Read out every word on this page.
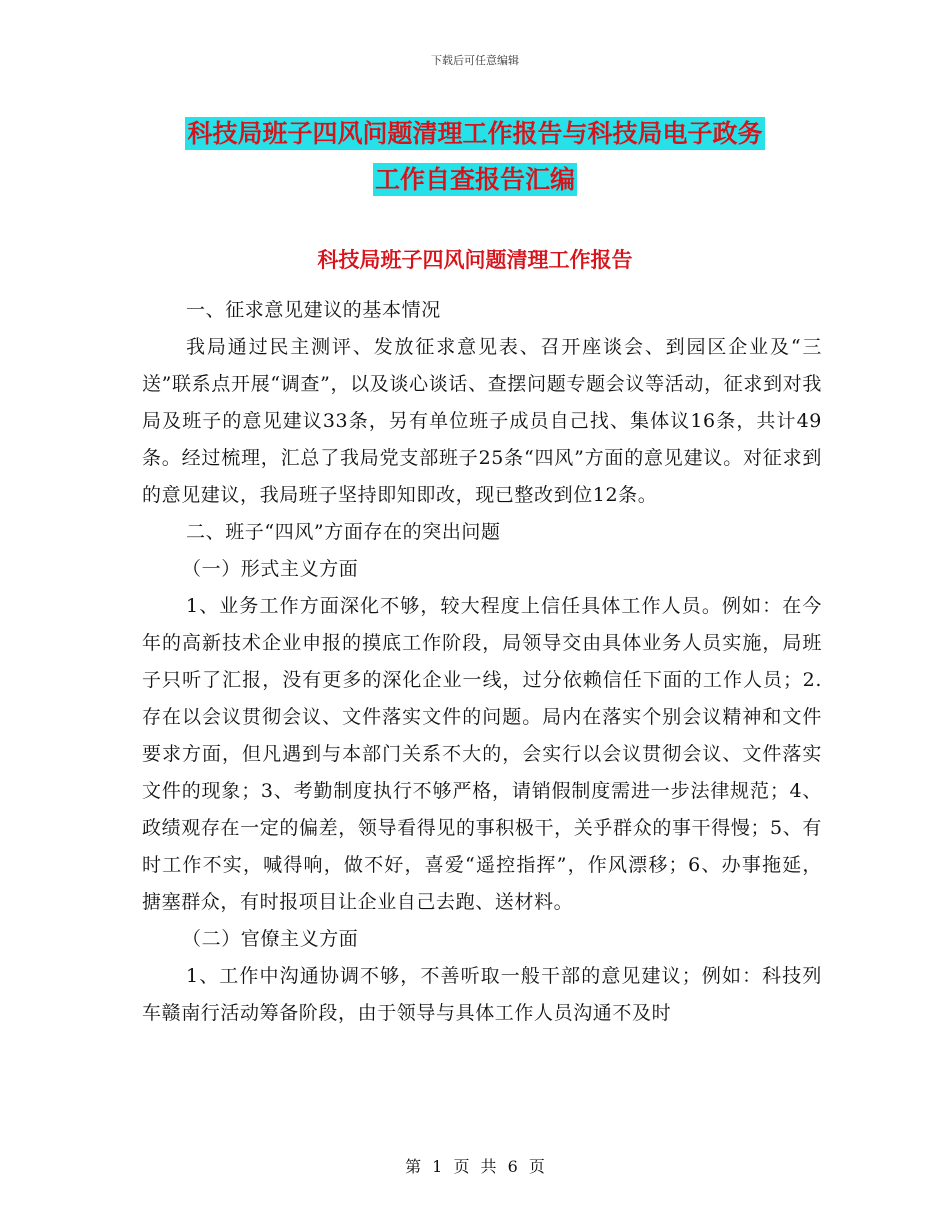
下载后可任意编辑
科技局班子四风问题清理工作报告与科技局电子政务
工作自查报告汇编
科技局班子四风问题清理工作报告

一、征求意见建议的基本情况

我局通过民主测评、发放征求意见表、召开座谈会、到园区企业及“三送”联系点开展“调查”，以及谈心谈话、查摆问题专题会议等活动，征求到对我局及班子的意见建议33条，另有单位班子成员自己找、集体议16条，共计49条。经过梳理，汇总了我局党支部班子25条“四风”方面的意见建议。对征求到的意见建议，我局班子坚持即知即改，现已整改到位12条。

二、班子“四风”方面存在的突出问题

（一）形式主义方面

1、业务工作方面深化不够，较大程度上信任具体工作人员。例如：在今年的高新技术企业申报的摸底工作阶段，局领导交由具体业务人员实施，局班子只听了汇报，没有更多的深化企业一线，过分依赖信任下面的工作人员；2.存在以会议贯彻会议、文件落实文件的问题。局内在落实个别会议精神和文件要求方面，但凡遇到与本部门关系不大的，会实行以会议贯彻会议、文件落实文件的现象；3、考勤制度执行不够严格，请销假制度需进一步法律规范；4、政绩观存在一定的偏差，领导看得见的事积极干，关乎群众的事干得慢；5、有时工作不实，喊得响，做不好，喜爱“遥控指挥”，作风漂移；6、办事拖延，搪塞群众，有时报项目让企业自己去跑、送材料。

（二）官僚主义方面

1、工作中沟通协调不够，不善听取一般干部的意见建议；例如：科技列车赣南行活动筹备阶段，由于领导与具体工作人员沟通不及时

第 1 页 共 6 页
